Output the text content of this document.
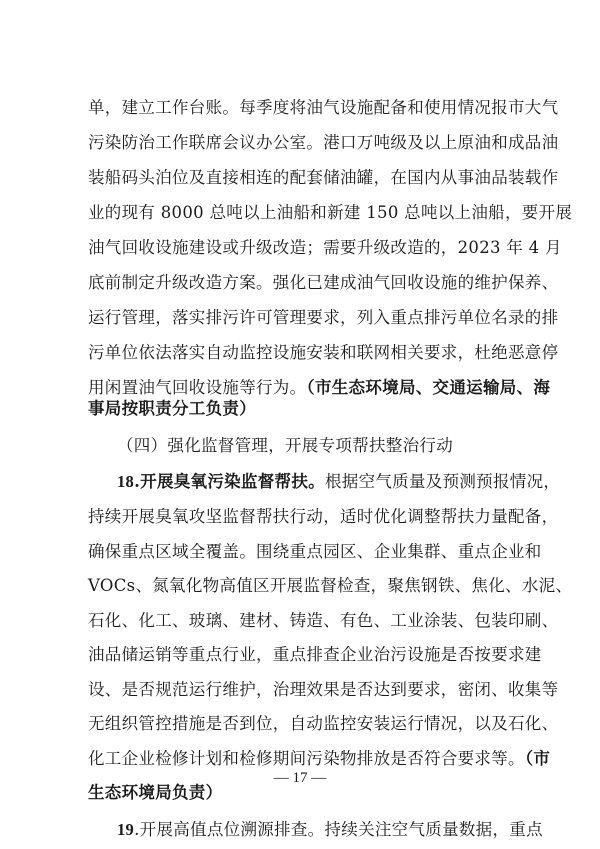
单，建立工作台账。每季度将油气设施配备和使用情况报市大气
污染防治工作联席会议办公室。港口万吨级及以上原油和成品油
装船码头泊位及直接相连的配套储油罐，在国内从事油品装载作
业的现有 8000 总吨以上油船和新建 150 总吨以上油船，要开展
油气回收设施建设或升级改造；需要升级改造的，2023 年 4 月
底前制定升级改造方案。强化已建成油气回收设施的维护保养、
运行管理，落实排污许可管理要求，列入重点排污单位名录的排
污单位依法落实自动监控设施安装和联网相关要求，杜绝恶意停
用闲置油气回收设施等行为。（市生态环境局、交通运输局、海
事局按职责分工负责）
（四）强化监督管理，开展专项帮扶整治行动
18.开展臭氧污染监督帮扶。根据空气质量及预测预报情况，
持续开展臭氧攻坚监督帮扶行动，适时优化调整帮扶力量配备，
— 17 —
确保重点区域全覆盖。围绕重点园区、企业集群、重点企业和
VOCs、氮氧化物高值区开展监督检查，聚焦钢铁、焦化、水泥、
石化、化工、玻璃、建材、铸造、有色、工业涂装、包装印刷、
油品储运销等重点行业，重点排查企业治污设施是否按要求建
设、是否规范运行维护，治理效果是否达到要求，密闭、收集等
无组织管控措施是否到位，自动监控安装运行情况，以及石化、
化工企业检修计划和检修期间污染物排放是否符合要求等。（市
生态环境局负责）
19.开展高值点位溯源排查。持续关注空气质量数据，重点
